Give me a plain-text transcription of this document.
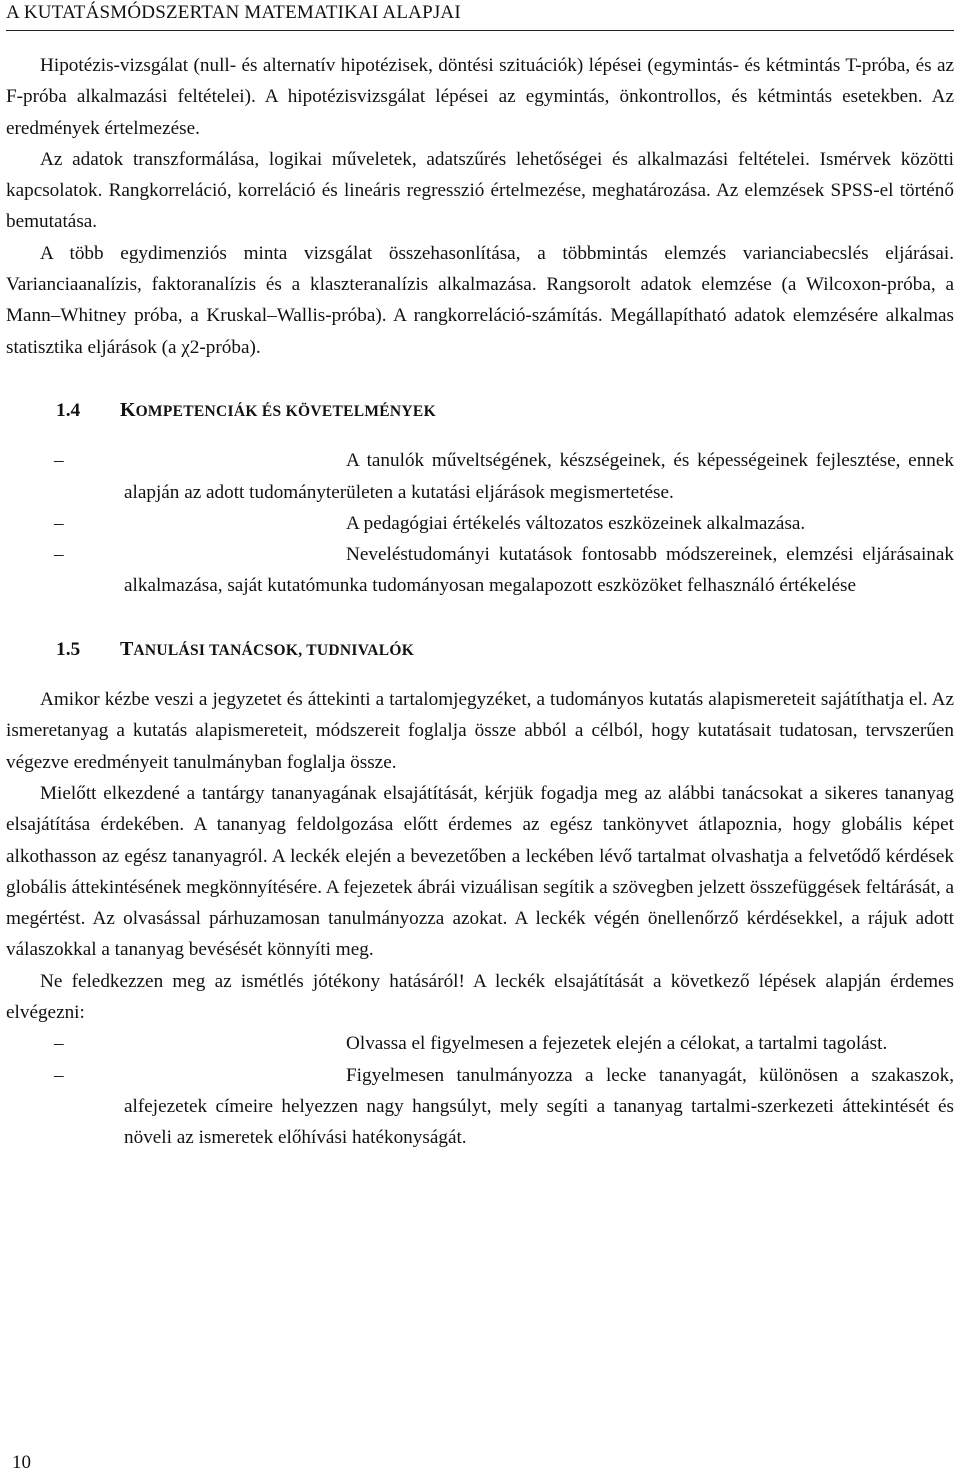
A KUTATÁSMÓDSZERTAN MATEMATIKAI ALAPJAI

Hipotézis-vizsgálat (null- és alternatív hipotézisek, döntési szituációk) lépései (egymintás- és kétmintás T-próba, és az F-próba alkalmazási feltételei). A hipotézisvizsgálat lépései az egymintás, önkontrollos, és kétmintás esetekben. Az eredmények értelmezése.

Az adatok transzformálása, logikai műveletek, adatszűrés lehetőségei és alkalmazási feltételei. Ismérvek közötti kapcsolatok. Rangkorreláció, korreláció és lineáris regresszió értelmezése, meghatározása. Az elemzések SPSS-el történő bemutatása.

A több egydimenziós minta vizsgálat összehasonlítása, a többmintás elemzés varianciabecslés eljárásai. Varianciaanalízis, faktoranalízis és a klaszteranalízis alkalmazása. Rangsorolt adatok elemzése (a Wilcoxon-próba, a Mann–Whitney próba, a Kruskal–Wallis-próba). A rangkorreláció-számítás. Megállapítható adatok elemzésére alkalmas statisztika eljárások (a χ2-próba).

1.4	KOMPETENCIÁK ÉS KÖVETELMÉNYEK
–	A tanulók műveltségének, készségeinek, és képességeinek fejlesztése, ennek alapján az adott tudományterületen a kutatási eljárások megismertetése.
–	A pedagógiai értékelés változatos eszközeinek alkalmazása.
–	Neveléstudományi kutatások fontosabb módszereinek, elemzési eljárásainak alkalmazása, saját kutatómunka tudományosan megalapozott eszközöket felhasználó értékelése
1.5	TANULÁSI TANÁCSOK, TUDNIVALÓK

Amikor kézbe veszi a jegyzetet és áttekinti a tartalomjegyzéket, a tudományos kutatás alapismereteit sajátíthatja el. Az ismeretanyag a kutatás alapismereteit, módszereit foglalja össze abból a célból, hogy kutatásait tudatosan, tervszerűen végezve eredményeit tanulmányban foglalja össze.

Mielőtt elkezdené a tantárgy tananyagának elsajátítását, kérjük fogadja meg az alábbi tanácsokat a sikeres tananyag elsajátítása érdekében. A tananyag feldolgozása előtt érdemes az egész tankönyvet átlapoznia, hogy globális képet alkothasson az egész tananyagról. A leckék elején a bevezetőben a leckében lévő tartalmat olvashatja a felvetődő kérdések globális áttekintésének megkönnyítésére. A fejezetek ábrái vizuálisan segítik a szövegben jelzett összefüggések feltárását, a megértést. Az olvasással párhuzamosan tanulmányozza azokat. A leckék végén önellenőrző kérdésekkel, a rájuk adott válaszokkal a tananyag bevésését könnyíti meg.

Ne feledkezzen meg az ismétlés jótékony hatásáról! A leckék elsajátítását a következő lépések alapján érdemes elvégezni:

–	Olvassa el figyelmesen a fejezetek elején a célokat, a tartalmi tagolást.
–	Figyelmesen tanulmányozza a lecke tananyagát, különösen a szakaszok, alfejezetek címeire helyezzen nagy hangsúlyt, mely segíti a tananyag tartalmi-szerkezeti áttekintését és növeli az ismeretek előhívási hatékonyságát.
10
